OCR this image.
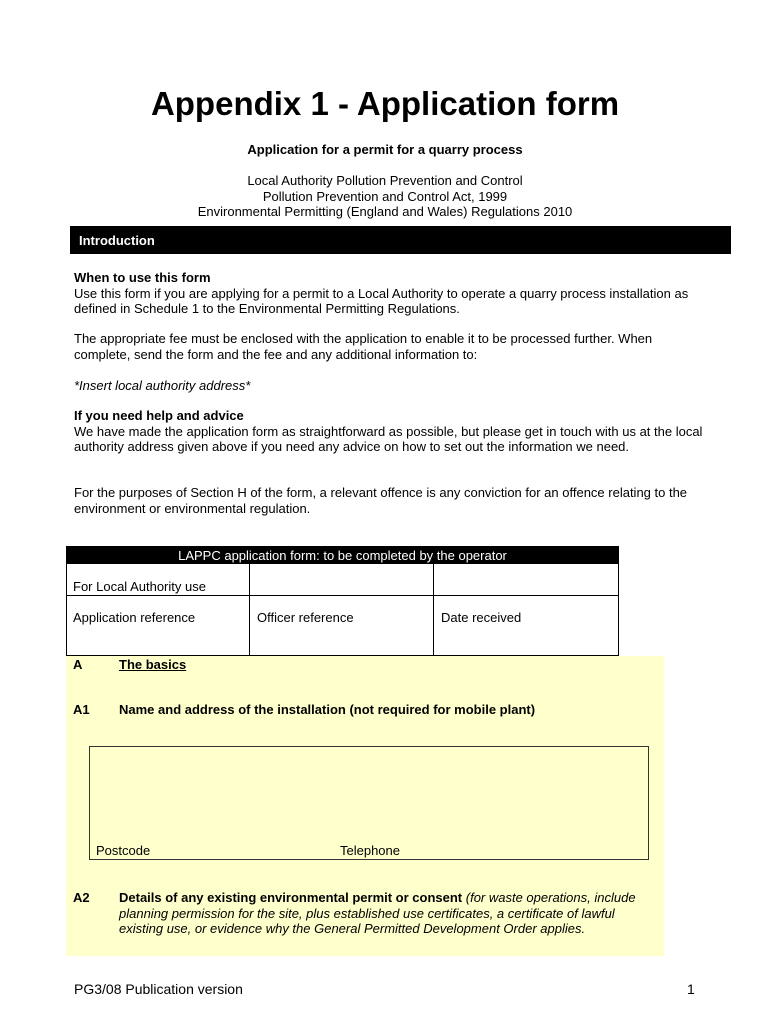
Appendix 1 - Application form
Application for a permit for a quarry process
Local Authority Pollution Prevention and Control
Pollution Prevention and Control Act, 1999
Environmental Permitting (England and Wales) Regulations 2010
Introduction
When to use this form

Use this form if you are applying for a permit to a Local Authority to operate a quarry process installation as defined in Schedule 1 to the Environmental Permitting Regulations.

The appropriate fee must be enclosed with the application to enable it to be processed further. When complete, send the form and the fee and any additional information to:

*Insert local authority address*
If you need help and advice

We have made the application form as straightforward as possible, but please get in touch with us at the local authority address given above if you need any advice on how to set out the information we need.

For the purposes of Section H of the form, a relevant offence is any conviction for an offence relating to the environment or environmental regulation.

LAPPC application form: to be completed by the operator
For Local Authority use
Application reference	Officer reference	Date received
A	The basics
A1 Name and address of the installation (not required for mobile plant)
Postcode	Telephone
A2 Details of any existing environmental permit or consent (for waste operations, include planning permission for the site, plus established use certificates, a certificate of lawful existing use, or evidence why the General Permitted Development Order applies.
PG3/08 Publication version	1
